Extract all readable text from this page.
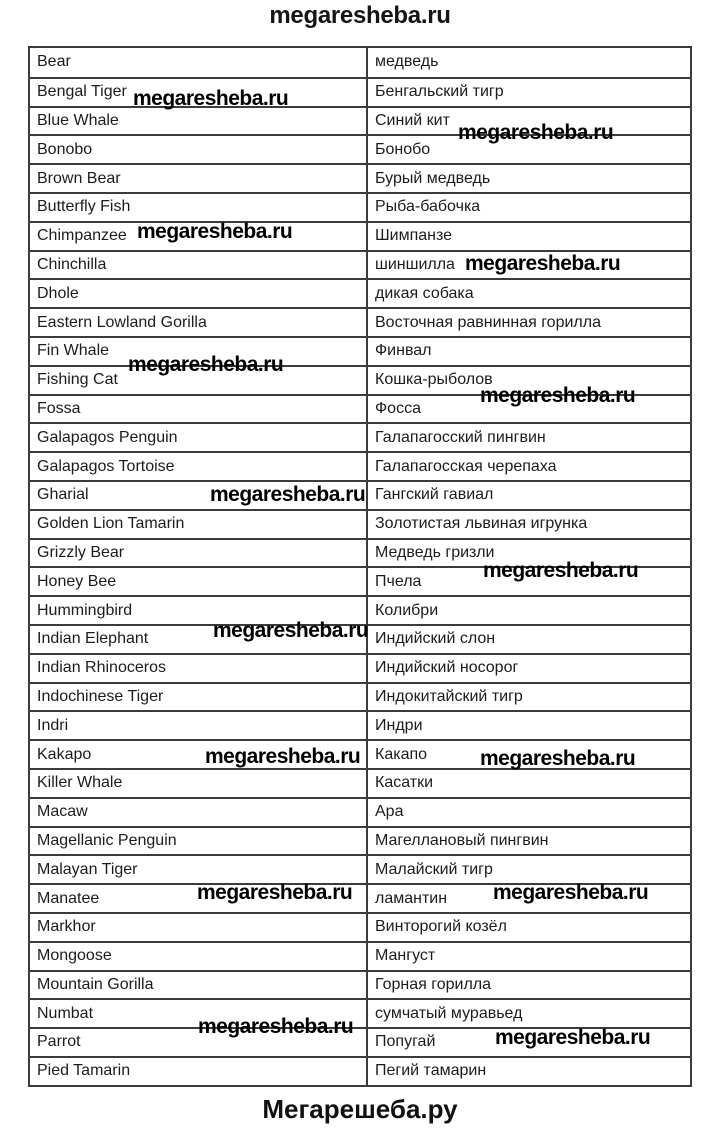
megaresheba.ru
Bear	медведь
Bengal Tiger	Бенгальский тигр
Blue Whale	Синий кит
Bonobo	Бонобо
Brown Bear	Бурый медведь
Butterfly Fish	Рыба-бабочка
Chimpanzee	Шимпанзе
Chinchilla	шиншилла
Dhole	дикая собака
Eastern Lowland Gorilla	Восточная равнинная горилла
Fin Whale	Финвал
Fishing Cat	Кошка-рыболов
Fossa	Фосса
Galapagos Penguin	Галапагосский пингвин
Galapagos Tortoise	Галапагосская черепаха
Gharial	Гангский гавиал
Golden Lion Tamarin	Золотистая львиная игрунка
Grizzly Bear	Медведь гризли
Honey Bee	Пчела
Hummingbird	Колибри
Indian Elephant	Индийский слон
Indian Rhinoceros	Индийский носорог
Indochinese Tiger	Индокитайский тигр
Indri	Индри
Kakapo	Какапо
Killer Whale	Касатки
Macaw	Ара
Magellanic Penguin	Магеллановый пингвин
Malayan Tiger	Малайский тигр
Manatee	ламантин
Markhor	Винторогий козёл
Mongoose	Мангуст
Mountain Gorilla	Горная горилла
Numbat	сумчатый муравьед
Parrot	Попугай
Pied Tamarin	Пегий тамарин
megaresheba.ru
megaresheba.ru
megaresheba.ru
megaresheba.ru
megaresheba.ru
megaresheba.ru
megaresheba.ru
megaresheba.ru
megaresheba.ru
megaresheba.ru	megaresheba.ru
megaresheba.ru	megaresheba.ru
megaresheba.ru	megaresheba.ru
Мегарешеба.ру
